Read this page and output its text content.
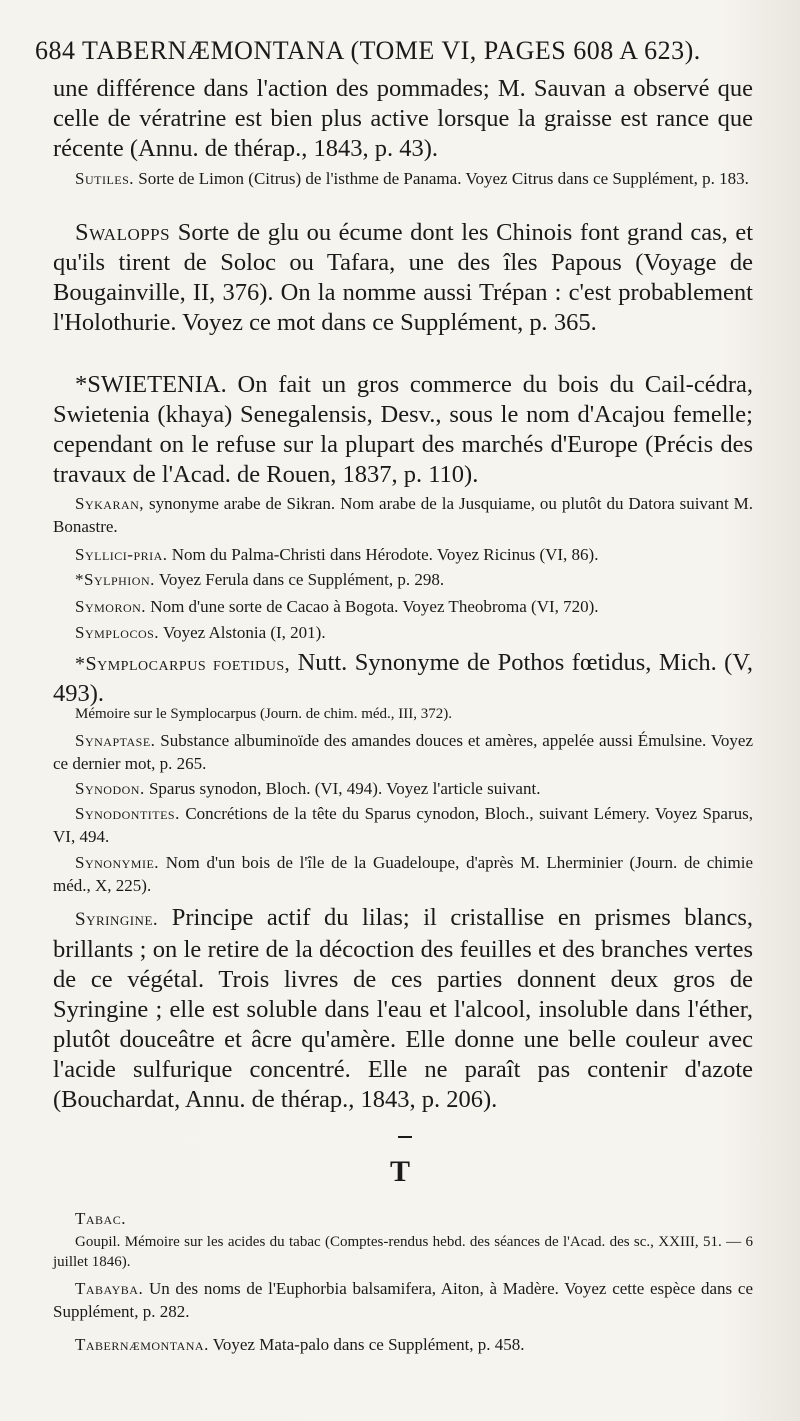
684 TABERNÆMONTANA (TOME VI, PAGES 608 A 623).

une différence dans l'action des pommades; M. Sauvan a observé que celle de vératrine est bien plus active lorsque la graisse est rance que récente (Annu. de thérap., 1843, p. 43).

Sutiles. Sorte de Limon (Citrus) de l'isthme de Panama. Voyez Citrus dans ce Supplément, p. 183.

Swalopps Sorte de glu ou écume dont les Chinois font grand cas, et qu'ils tirent de Soloc ou Tafara, une des îles Papous (Voyage de Bougainville, II, 376). On la nomme aussi Trépan : c'est probablement l'Holothurie. Voyez ce mot dans ce Supplément, p. 365.

*SWIETENIA. On fait un gros commerce du bois du Cail-cédra, Swietenia (khaya) Senegalensis, Desv., sous le nom d'Acajou femelle; cependant on le refuse sur la plupart des marchés d'Europe (Précis des travaux de l'Acad. de Rouen, 1837, p. 110).

Sykaran, synonyme arabe de Sikran. Nom arabe de la Jusquiame, ou plutôt du Datora suivant M. Bonastre.

Syllici-pria. Nom du Palma-Christi dans Hérodote. Voyez Ricinus (VI, 86).

*Sylphion. Voyez Ferula dans ce Supplément, p. 298.

Symoron. Nom d'une sorte de Cacao à Bogota. Voyez Theobroma (VI, 720).

Symplocos. Voyez Alstonia (I, 201).

*Symplocarpus foetidus, Nutt. Synonyme de Pothos fœtidus, Mich. (V, 493).

Mémoire sur le Symplocarpus (Journ. de chim. méd., III, 372).

Synaptase. Substance albuminoïde des amandes douces et amères, appelée aussi Émulsine. Voyez ce dernier mot, p. 265.

Synodon. Sparus synodon, Bloch. (VI, 494). Voyez l'article suivant.

Synodontites. Concrétions de la tête du Sparus cynodon, Bloch., suivant Lémery. Voyez Sparus, VI, 494.

Synonymie. Nom d'un bois de l'île de la Guadeloupe, d'après M. Lherminier (Journ. de chimie méd., X, 225).

Syringine. Principe actif du lilas; il cristallise en prismes blancs, brillants ; on le retire de la décoction des feuilles et des branches vertes de ce végétal. Trois livres de ces parties donnent deux gros de Syringine ; elle est soluble dans l'eau et l'alcool, insoluble dans l'éther, plutôt douceâtre et âcre qu'amère. Elle donne une belle couleur avec l'acide sulfurique concentré. Elle ne paraît pas contenir d'azote (Bouchardat, Annu. de thérap., 1843, p. 206).

T

Tabac.

Goupil. Mémoire sur les acides du tabac (Comptes-rendus hebd. des séances de l'Acad. des sc., XXIII, 51. — 6 juillet 1846).

Tabayba. Un des noms de l'Euphorbia balsamifera, Aiton, à Madère. Voyez cette espèce dans ce Supplément, p. 282.

Tabernæmontana. Voyez Mata-palo dans ce Supplément, p. 458.
